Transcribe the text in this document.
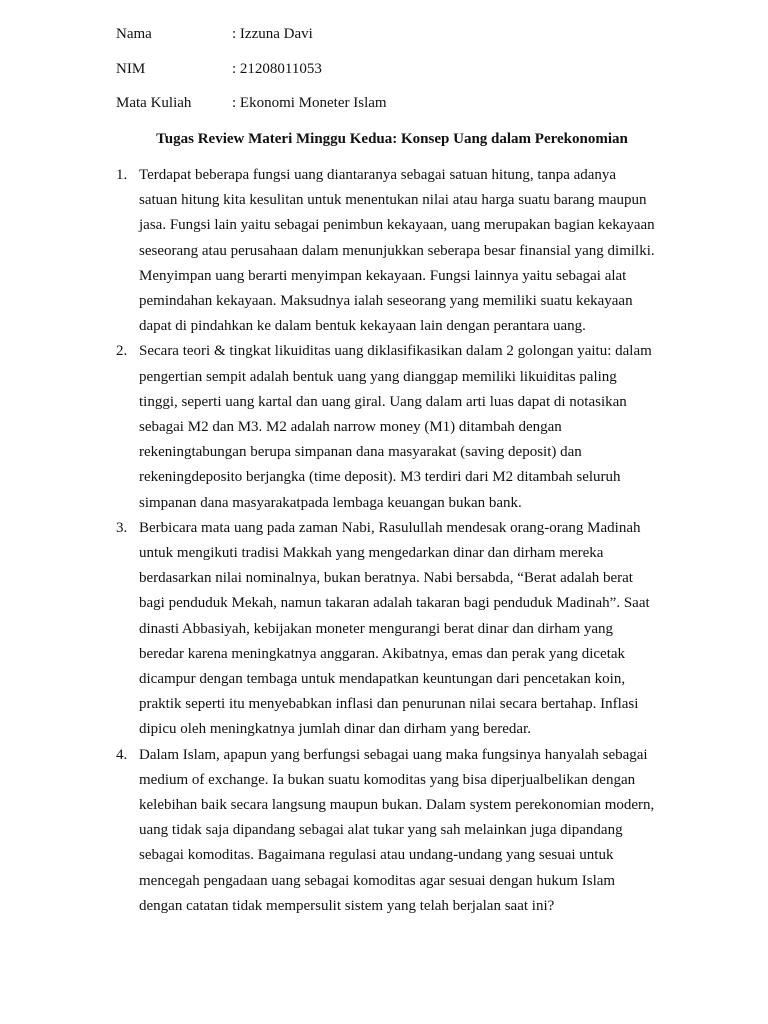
Nama	: Izzuna Davi
NIM	: 21208011053
Mata Kuliah	: Ekonomi Moneter Islam
Tugas Review Materi Minggu Kedua: Konsep Uang dalam Perekonomian
1. Terdapat beberapa fungsi uang diantaranya sebagai satuan hitung, tanpa adanya
satuan hitung kita kesulitan untuk menentukan nilai atau harga suatu barang maupun
jasa. Fungsi lain yaitu sebagai penimbun kekayaan, uang merupakan bagian kekayaan
seseorang atau perusahaan dalam menunjukkan seberapa besar finansial yang dimilki.
Menyimpan uang berarti menyimpan kekayaan. Fungsi lainnya yaitu sebagai alat
pemindahan kekayaan. Maksudnya ialah seseorang yang memiliki suatu kekayaan
dapat di pindahkan ke dalam bentuk kekayaan lain dengan perantara uang.
2. Secara teori & tingkat likuiditas uang diklasifikasikan dalam 2 golongan yaitu: dalam
pengertian sempit adalah bentuk uang yang dianggap memiliki likuiditas paling
tinggi, seperti uang kartal dan uang giral. Uang dalam arti luas dapat di notasikan
sebagai M2 dan M3. M2 adalah narrow money (M1) ditambah dengan
rekeningtabungan berupa simpanan dana masyarakat (saving deposit) dan
rekeningdeposito berjangka (time deposit). M3 terdiri dari M2 ditambah seluruh
simpanan dana masyarakatpada lembaga keuangan bukan bank.
3. Berbicara mata uang pada zaman Nabi, Rasulullah mendesak orang-orang Madinah
untuk mengikuti tradisi Makkah yang mengedarkan dinar dan dirham mereka
berdasarkan nilai nominalnya, bukan beratnya. Nabi bersabda, “Berat adalah berat
bagi penduduk Mekah, namun takaran adalah takaran bagi penduduk Madinah”. Saat
dinasti Abbasiyah, kebijakan moneter mengurangi berat dinar dan dirham yang
beredar karena meningkatnya anggaran. Akibatnya, emas dan perak yang dicetak
dicampur dengan tembaga untuk mendapatkan keuntungan dari pencetakan koin,
praktik seperti itu menyebabkan inflasi dan penurunan nilai secara bertahap. Inflasi
dipicu oleh meningkatnya jumlah dinar dan dirham yang beredar.
4. Dalam Islam, apapun yang berfungsi sebagai uang maka fungsinya hanyalah sebagai
medium of exchange. Ia bukan suatu komoditas yang bisa diperjualbelikan dengan
kelebihan baik secara langsung maupun bukan. Dalam system perekonomian modern,
uang tidak saja dipandang sebagai alat tukar yang sah melainkan juga dipandang
sebagai komoditas. Bagaimana regulasi atau undang-undang yang sesuai untuk
mencegah pengadaan uang sebagai komoditas agar sesuai dengan hukum Islam
dengan catatan tidak mempersulit sistem yang telah berjalan saat ini?
